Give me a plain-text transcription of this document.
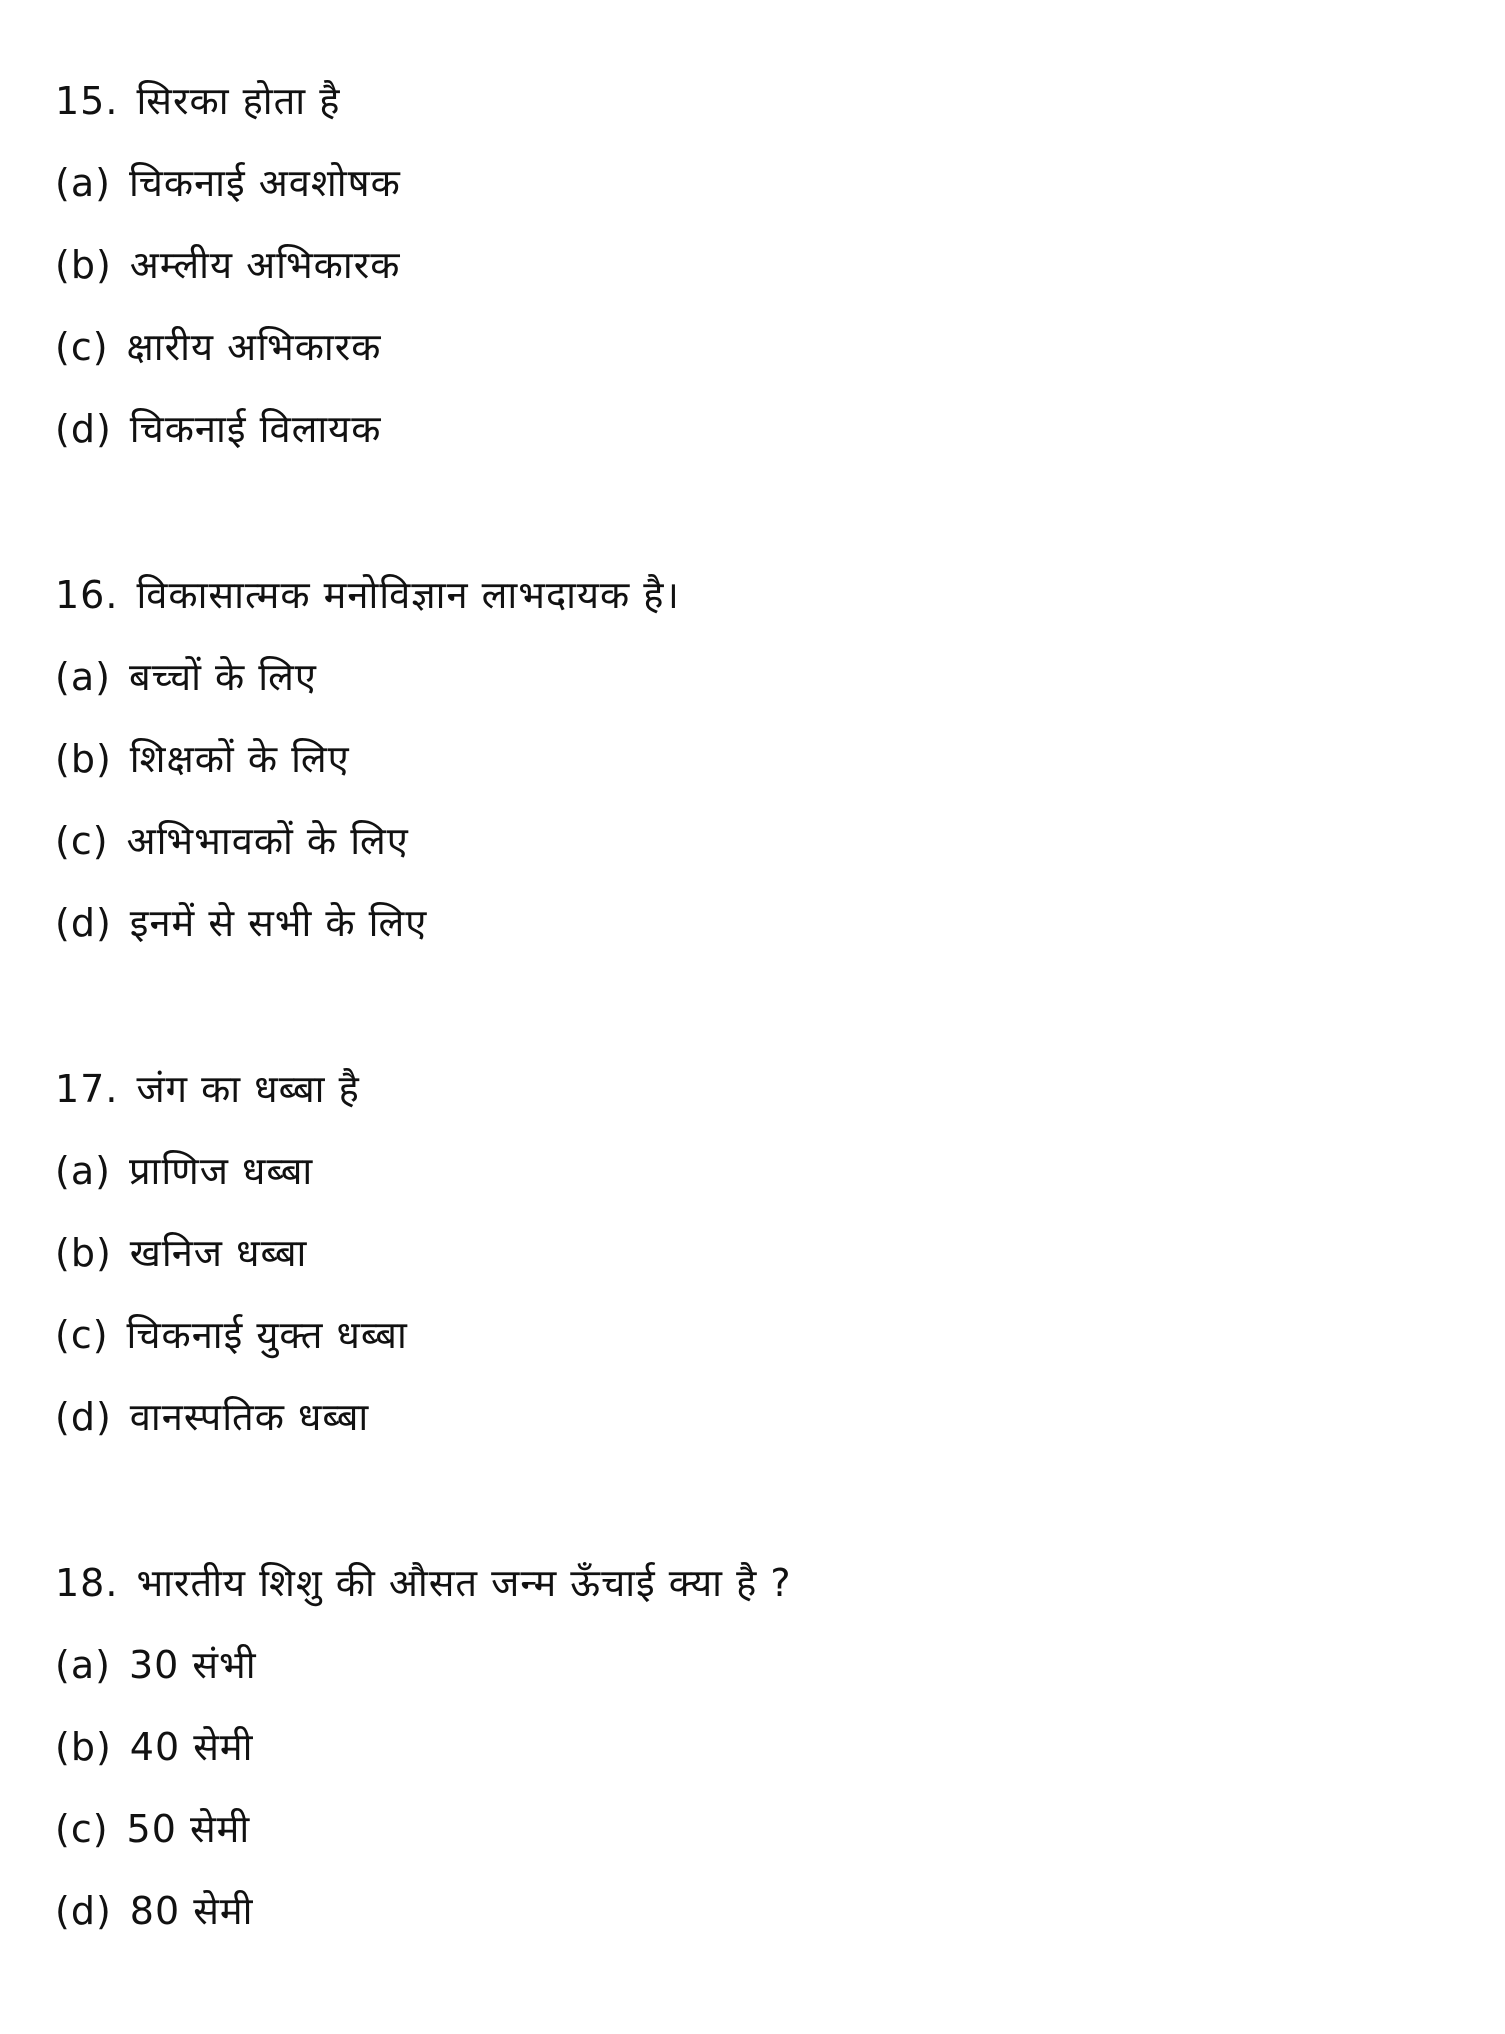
15. सिरका होता है
(a) चिकनाई अवशोषक
(b) अम्लीय अभिकारक
(c) क्षारीय अभिकारक
(d) चिकनाई विलायक
16. विकासात्मक मनोविज्ञान लाभदायक है।
(a) बच्चों के लिए
(b) शिक्षकों के लिए
(c) अभिभावकों के लिए
(d) इनमें से सभी के लिए
17. जंग का धब्बा है
(a) प्राणिज धब्बा
(b) खनिज धब्बा
(c) चिकनाई युक्त धब्बा
(d) वानस्पतिक धब्बा
18. भारतीय शिशु की औसत जन्म ऊँचाई क्या है ?
(a) 30 संभी
(b) 40 सेमी
(c) 50 सेमी
(d) 80 सेमी
